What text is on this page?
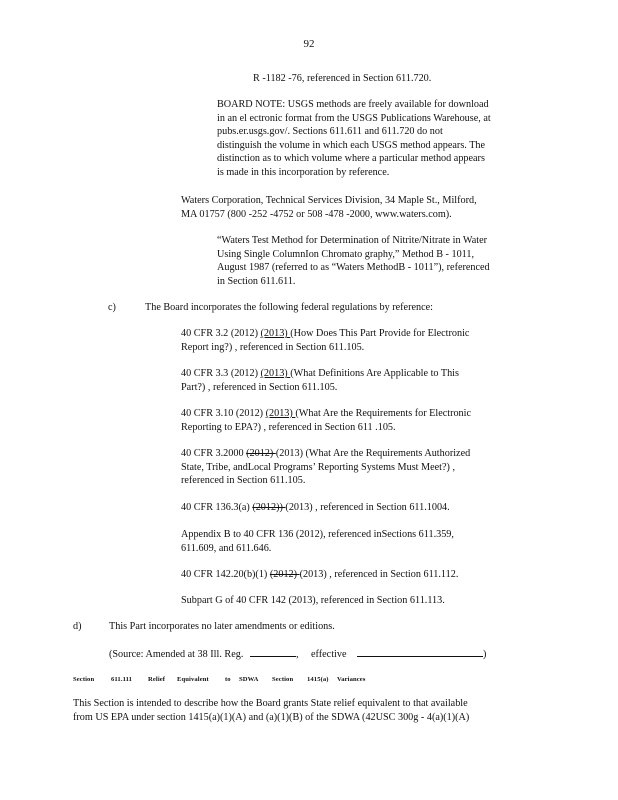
92
R -1182 -76, referenced in Section 611.720.
BOARD NOTE: USGS methods are freely available for download
in an el ectronic format from the USGS Publications Warehouse, at
pubs.er.usgs.gov/. Sections 611.611 and 611.720 do not
distinguish the volume in which each USGS method appears. The
distinction as to which volume where a particular method appears
is made in this incorporation by reference.
Waters Corporation, Technical Services Division, 34 Maple St., Milford,
MA 01757 (800 -252 -4752 or 508 -478 -2000, www.waters.com).
“Waters Test Method for Determination of Nitrite/Nitrate in Water
Using Single ColumnIon Chromato graphy,” Method B - 1011,
August 1987 (referred to as “Waters MethodB - 1011”), referenced
in Section 611.611.
c)	The Board incorporates the following federal regulations by reference:
40 CFR 3.2 (2012) (2013) (How Does This Part Provide for Electronic
Report ing?) , referenced in Section 611.105.
40 CFR 3.3 (2012) (2013) (What Definitions Are Applicable to This
Part?) , referenced in Section 611.105.
40 CFR 3.10 (2012) (2013) (What Are the Requirements for Electronic
Reporting to EPA?) , referenced in Section 611 .105.
40 CFR 3.2000 (2012) (2013) (What Are the Requirements Authorized
State, Tribe, andLocal Programs’ Reporting Systems Must Meet?) ,
referenced in Section 611.105.
40 CFR 136.3(a) (2012)) (2013) , referenced in Section 611.1004.
Appendix B to 40 CFR 136 (2012), referenced inSections 611.359,
611.609, and 611.646.
40 CFR 142.20(b)(1) (2012) (2013) , referenced in Section 611.112.
Subpart G of 40 CFR 142 (2013), referenced in Section 611.113.
d)	This Part incorporates no later amendments or editions.
(Source: Amended at 38 Ill. Reg.	, effective	)
Section	611.111 Relief Equivalent to SDWA Section 1415(a) Variances
This Section is intended to describe how the Board grants State relief equivalent to that available
from US EPA under section 1415(a)(1)(A) and (a)(1)(B) of the SDWA (42USC 300g - 4(a)(1)(A)
